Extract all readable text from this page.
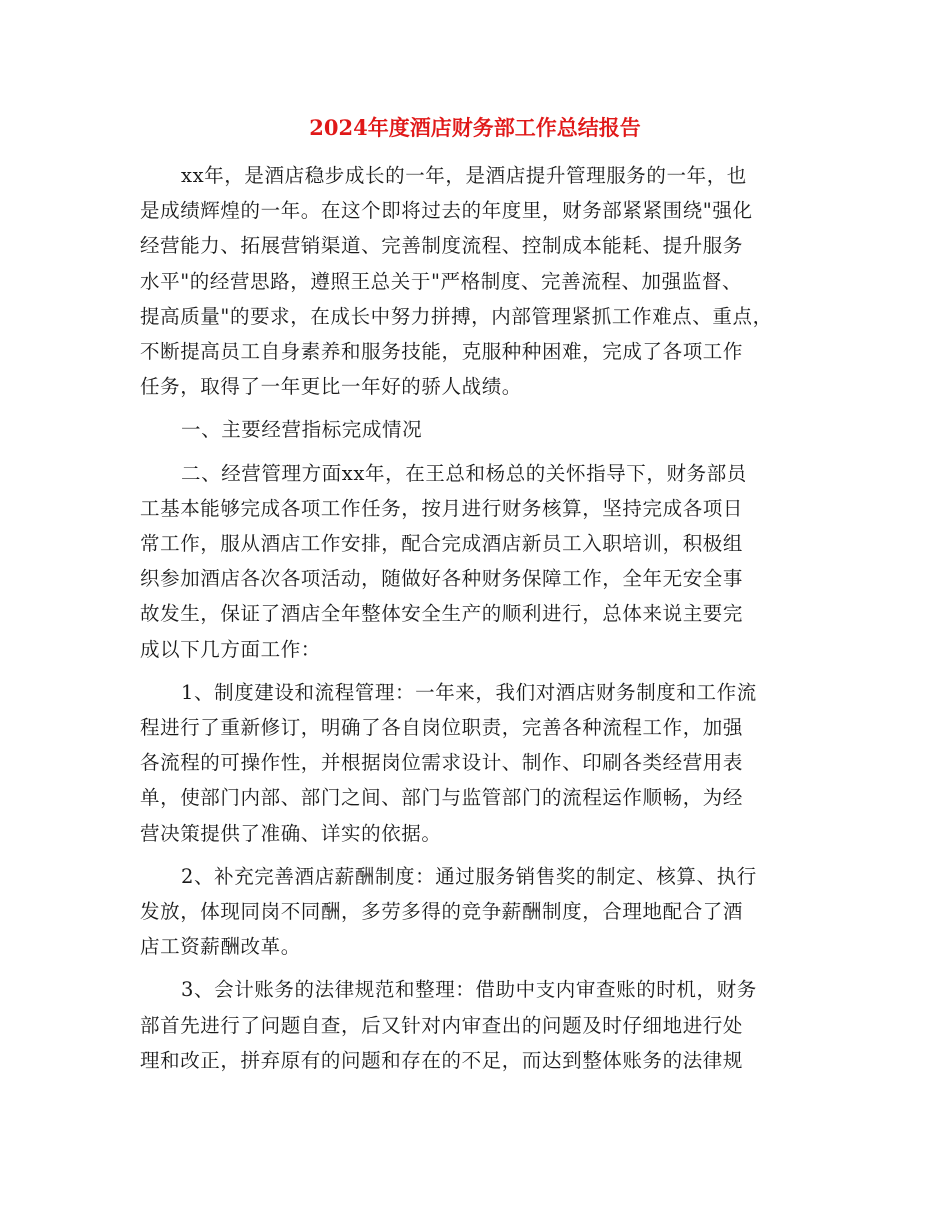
2024年度酒店财务部工作总结报告

xx年，是酒店稳步成长的一年，是酒店提升管理服务的一年，也
是成绩辉煌的一年。在这个即将过去的年度里，财务部紧紧围绕"强化
经营能力、拓展营销渠道、完善制度流程、控制成本能耗、提升服务
水平"的经营思路，遵照王总关于"严格制度、完善流程、加强监督、
提高质量"的要求，在成长中努力拼搏，内部管理紧抓工作难点、重点，
不断提高员工自身素养和服务技能，克服种种困难，完成了各项工作
任务，取得了一年更比一年好的骄人战绩。

一、主要经营指标完成情况

二、经营管理方面xx年，在王总和杨总的关怀指导下，财务部员
工基本能够完成各项工作任务，按月进行财务核算，坚持完成各项日
常工作，服从酒店工作安排，配合完成酒店新员工入职培训，积极组
织参加酒店各次各项活动，随做好各种财务保障工作，全年无安全事
故发生，保证了酒店全年整体安全生产的顺利进行，总体来说主要完
成以下几方面工作：

1、制度建设和流程管理：一年来，我们对酒店财务制度和工作流
程进行了重新修订，明确了各自岗位职责，完善各种流程工作，加强
各流程的可操作性，并根据岗位需求设计、制作、印刷各类经营用表
单，使部门内部、部门之间、部门与监管部门的流程运作顺畅，为经
营决策提供了准确、详实的依据。

2、补充完善酒店薪酬制度：通过服务销售奖的制定、核算、执行
发放，体现同岗不同酬，多劳多得的竞争薪酬制度，合理地配合了酒
店工资薪酬改革。

3、会计账务的法律规范和整理：借助中支内审查账的时机，财务
部首先进行了问题自查，后又针对内审查出的问题及时仔细地进行处
理和改正，拼弃原有的问题和存在的不足，而达到整体账务的法律规
